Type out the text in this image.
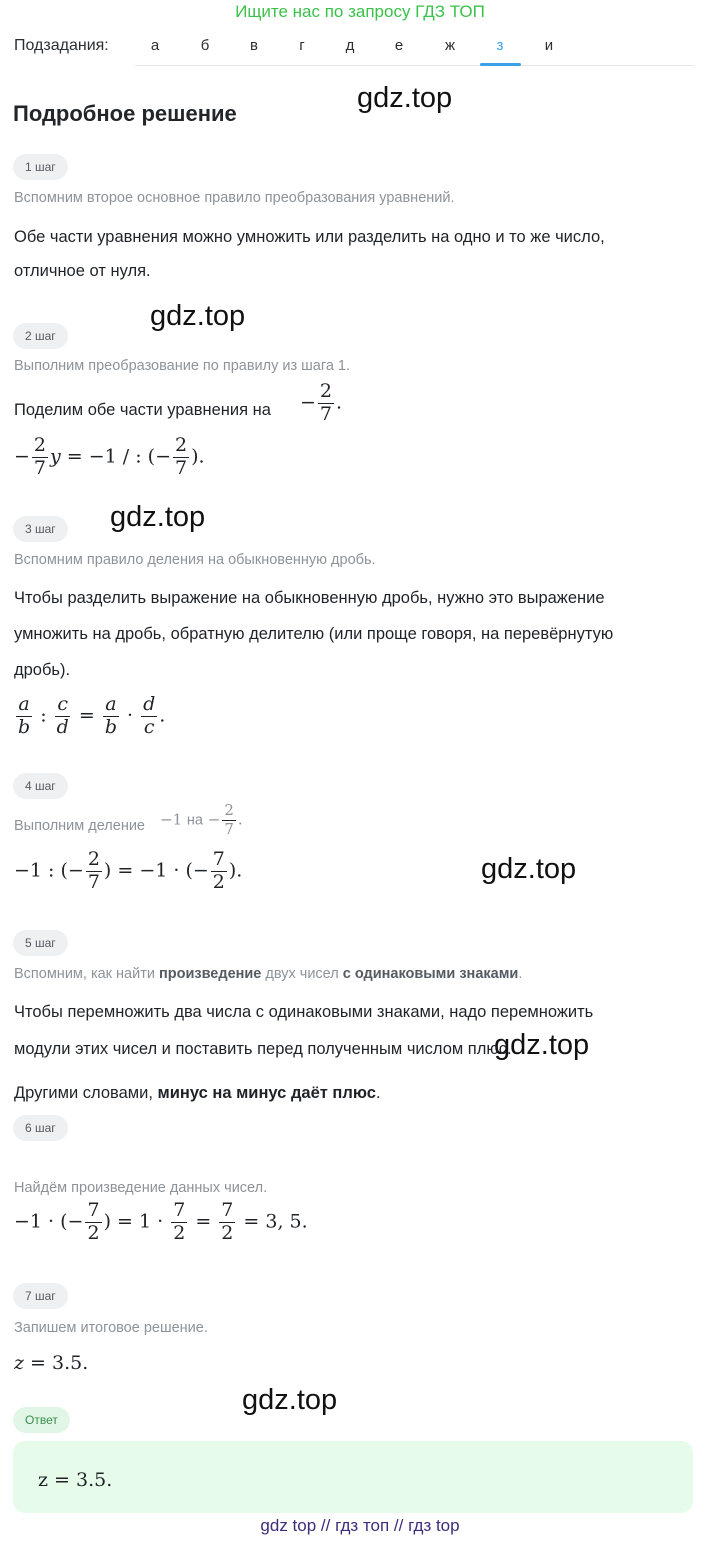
Ищите нас по запросу ГДЗ ТОП
Подзадания:	а	б	в	г	д	е	ж	з	и
Подробное решение	gdz.top
gdz.top
gdz.top
gdz.top
gdz.top
gdz.top
1 шаг
Вспомним второе основное правило преобразования уравнений.
Обе части уравнения можно умножить или разделить на одно и то же число,
отличное от нуля.
2 шаг
Выполним преобразование по правилу из шага 1.
Поделим обе части уравнения на − $\frac{2}{7}$ .
− $\frac{2}{7}$ y = −1 / : (− $\frac{2}{7}$ ).
3 шаг
Вспомним правило деления на обыкновенную дробь.
Чтобы разделить выражение на обыкновенную дробь, нужно это выражение
умножить на дробь, обратную делителю (или проще говоря, на перевёрнутую
дробь).
$\frac{a}{b}$ : $\frac{c}{d} = \frac{a}{b} \cdot \frac{d}{c}$ .
4 шаг
Выполним деление −1 на − $\frac{2}{7}$ .
−1 : (− $\frac{2}{7}$ ) = −1 · (− $\frac{7}{2}$ ).
5 шаг
Вспомним, как найти произведение двух чисел с одинаковыми знаками.
Чтобы перемножить два числа с одинаковыми знаками, надо перемножить
модули этих чисел и поставить перед полученным числом плюс.
Другими словами, минус на минус даёт плюс.
6 шаг
Найдём произведение данных чисел.
−1 · (− $\frac{7}{2}$ ) = $1 \cdot \frac{7}{2} = \frac{7}{2} = 3$, 5.
7 шаг
Запишем итоговое решение.
z = 3.5.
Ответ
z = 3.5.
gdz top // гдз топ // гдз top
